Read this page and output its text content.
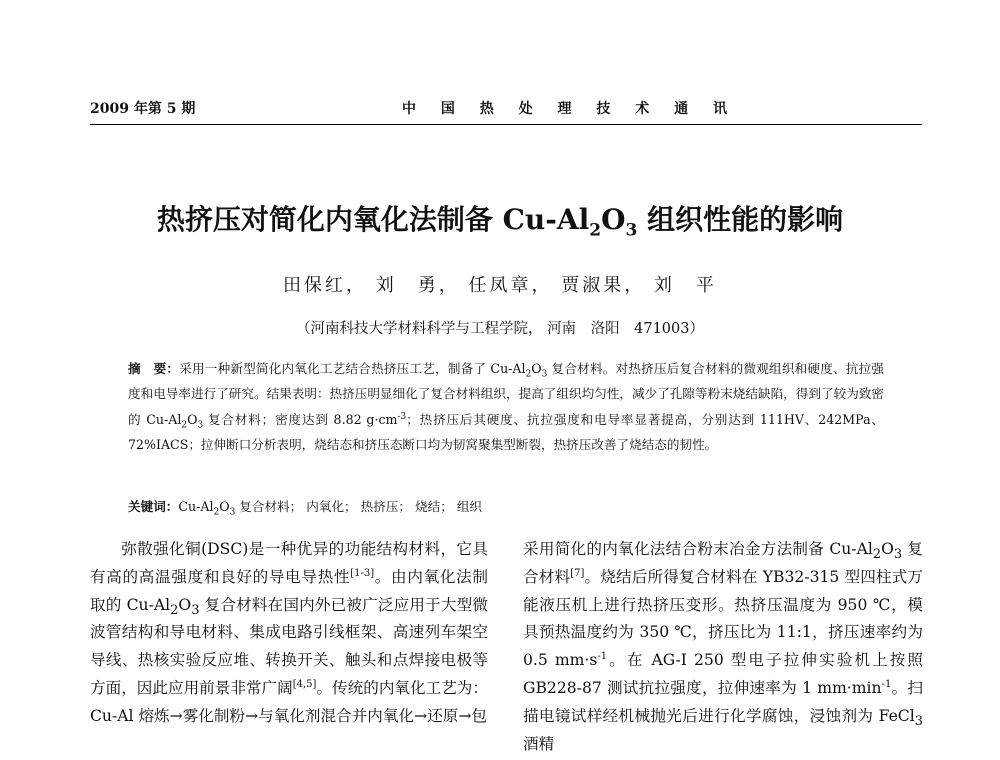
2009 年第 5 期	中 国 热 处 理 技 术 通 讯
热挤压对简化内氧化法制备 $Cu-Al_2O_3$ 组织性能的影响
田保红， 刘　勇， 任凤章， 贾淑果， 刘　平
（河南科技大学材料科学与工程学院， 河南　洛阳　471003）
摘　要：采用一种新型简化内氧化工艺结合热挤压工艺，制备了 $Cu-Al_2O_3$ 复合材料。对热挤压后复合材料的微观组织和硬度、抗拉强度和电导率进行了研究。结果表明：热挤压明显细化了复合材料组织，提高了组织均匀性，减少了孔隙等粉末烧结缺陷，得到了较为致密的 $Cu-Al_2O_3$ 复合材料；密度达到 8.82 $g\cdot cm^{-3}$；热挤压后其硬度、抗拉强度和电导率显著提高，分别达到 111HV、242MPa、72%IACS；拉伸断口分析表明，烧结态和挤压态断口均为韧窝聚集型断裂，热挤压改善了烧结态的韧性。
关键词：$Cu-Al_2O_3$ 复合材料； 内氧化； 热挤压； 烧结； 组织
弥散强化铜(DSC)是一种优异的功能结构材料，它具有高的高温强度和良好的导电导热性[1-3]。由内氧化法制取的 $Cu-Al_2O_3$ 复合材料在国内外已被广泛应用于大型微波管结构和导电材料、集成电路引线框架、高速列车架空导线、热核实验反应堆、转换开关、触头和点焊接电极等方面，因此应用前景非常广阔[4,5]。传统的内氧化工艺为：Cu-Al 熔炼→雾化制粉→与氧化剂混合并内氧化→还原→包
采用简化的内氧化法结合粉末冶金方法制备 $Cu-Al_2O_3$ 复合材料[7]。烧结后所得复合材料在 YB32-315 型四柱式万能液压机上进行热挤压变形。热挤压温度为 950 ℃，模具预热温度约为 350 ℃，挤压比为 11:1，挤压速率约为 0.5 $mm\cdot s^{-1}$。在 AG-I 250 型电子拉伸实验机上按照 GB228-87 测试抗拉强度，拉伸速率为 1 $mm\cdot\min^{-1}$。扫描电镜试样经机械抛光后进行化学腐蚀，浸蚀剂为 FeCl$_3$ 酒精
